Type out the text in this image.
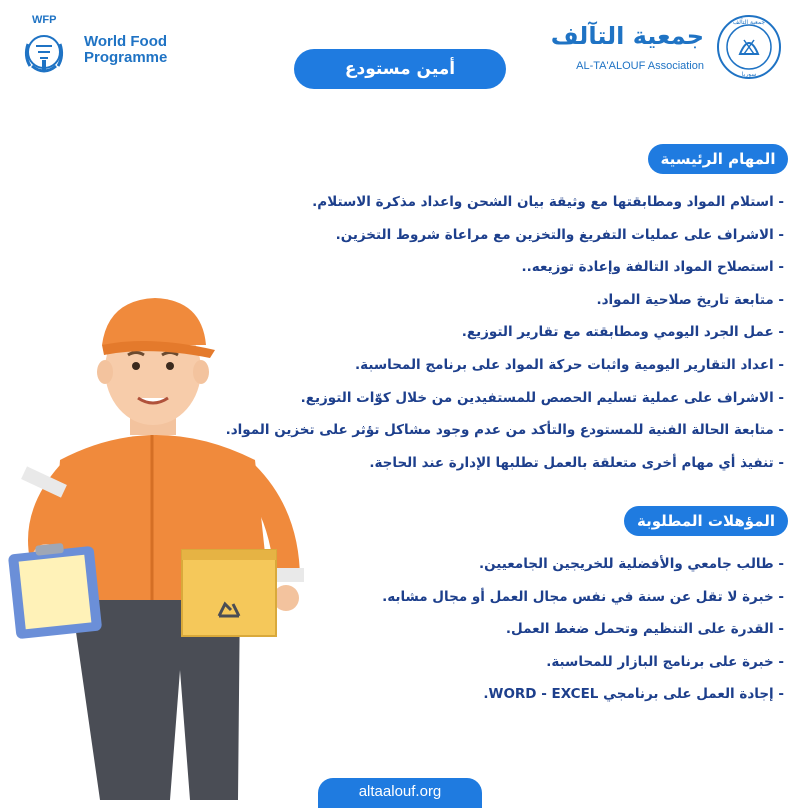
WFP
World Food
Programme
جمعية التآلف
AL-TA'ALOUF Association
جمعية التآلف
سوريا
أمين مستودع
المهام الرئيسية
- استلام المواد ومطابقتها مع وثيقة بيان الشحن واعداد مذكرة الاستلام.
- الاشراف على عمليات التفريغ والتخزين مع مراعاة شروط التخزين.
- استصلاح المواد التالفة وإعادة توزيعه..
- متابعة تاريخ صلاحية المواد.
- عمل الجرد اليومي ومطابقته مع تقارير التوزيع.
- اعداد التقارير اليومية واثبات حركة المواد على برنامج المحاسبة.
- الاشراف على عملية تسليم الحصص للمستفيدين من خلال كوّات التوزيع.
- متابعة الحالة الفنية للمستودع والتأكد من عدم وجود مشاكل تؤثر على تخزين المواد.
- تنفيذ أي مهام أخرى متعلقة بالعمل تطلبها الإدارة عند الحاجة.
المؤهلات المطلوبة
- طالب جامعي والأفضلية للخريجين الجامعيين.
- خبرة لا تقل عن سنة في نفس مجال العمل أو مجال مشابه.
- القدرة على التنظيم وتحمل ضغط العمل.
- خبرة على برنامج البازار للمحاسبة.
- إجادة العمل على برنامجي WORD - EXCEL.
altaalouf.org
